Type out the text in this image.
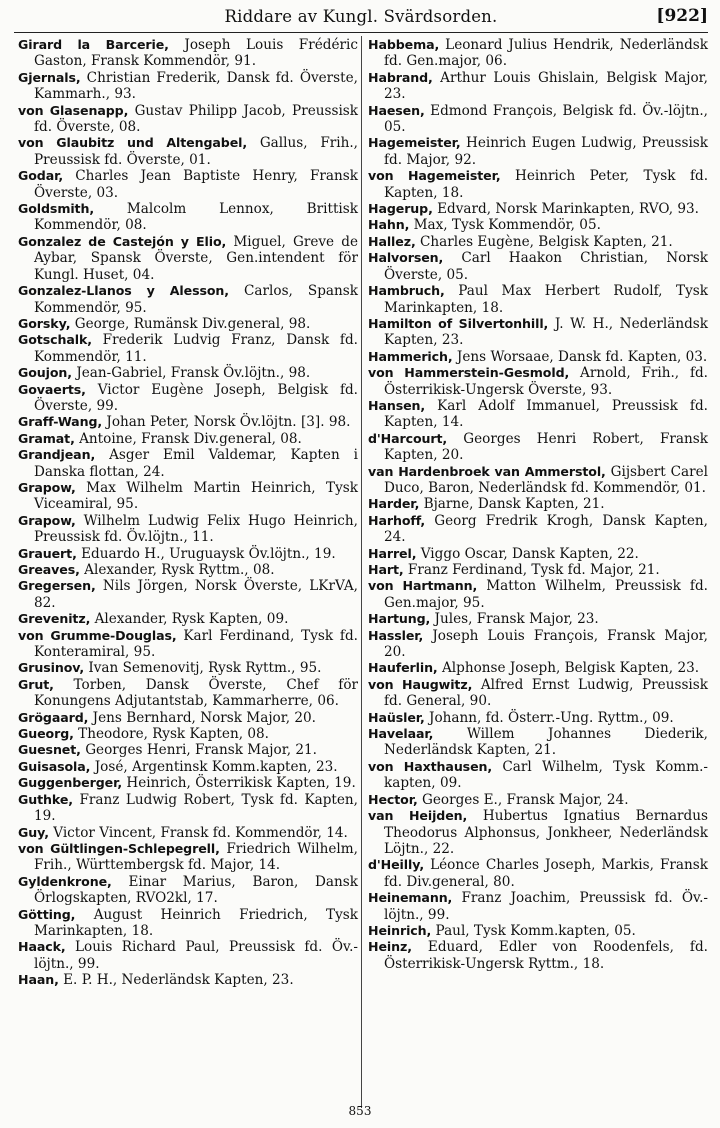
Riddare av Kungl. Svärdsorden.	[922]

Girard la Barcerie, Joseph Louis Frédéric Gaston, Fransk Kommendör, 91.

Gjernals, Christian Frederik, Dansk fd. Överste, Kammarh., 93.

von Glasenapp, Gustav Philipp Jacob, Preussisk fd. Överste, 08.

von Glaubitz und Altengabel, Gallus, Frih., Preussisk fd. Överste, 01.

Godar, Charles Jean Baptiste Henry, Fransk Överste, 03.

Goldsmith, Malcolm Lennox, Brittisk Kommendör, 08.

Gonzalez de Castejón y Elio, Miguel, Greve de Aybar, Spansk Överste, Gen.intendent för Kungl. Huset, 04.

Gonzalez-Llanos y Alesson, Carlos, Spansk Kommendör, 95.

Gorsky, George, Rumänsk Div.general, 98.

Gotschalk, Frederik Ludvig Franz, Dansk fd. Kommendör, 11.

Goujon, Jean-Gabriel, Fransk Öv.löjtn., 98.

Govaerts, Victor Eugène Joseph, Belgisk fd. Överste, 99.

Graff-Wang, Johan Peter, Norsk Öv.löjtn. [3]. 98.

Gramat, Antoine, Fransk Div.general, 08.

Grandjean, Asger Emil Valdemar, Kapten i Danska flottan, 24.

Grapow, Max Wilhelm Martin Heinrich, Tysk Viceamiral, 95.

Grapow, Wilhelm Ludwig Felix Hugo Heinrich, Preussisk fd. Öv.löjtn., 11.

Grauert, Eduardo H., Uruguaysk Öv.löjtn., 19.

Greaves, Alexander, Rysk Ryttm., 08.

Gregersen, Nils Jörgen, Norsk Överste, LKrVA, 82.

Grevenitz, Alexander, Rysk Kapten, 09.

von Grumme-Douglas, Karl Ferdinand, Tysk fd. Konteramiral, 95.

Grusinov, Ivan Semenovitj, Rysk Ryttm., 95.

Grut, Torben, Dansk Överste, Chef för Konungens Adjutantstab, Kammarherre, 06.

Grögaard, Jens Bernhard, Norsk Major, 20.

Gueorg, Theodore, Rysk Kapten, 08.

Guesnet, Georges Henri, Fransk Major, 21.

Guisasola, José, Argentinsk Komm.kapten, 23.

Guggenberger, Heinrich, Österrikisk Kapten, 19.

Guthke, Franz Ludwig Robert, Tysk fd. Kapten, 19.

Guy, Victor Vincent, Fransk fd. Kommendör, 14.

von Gültlingen-Schlepegrell, Friedrich Wilhelm, Frih., Württembergsk fd. Major, 14.

Gyldenkrone, Einar Marius, Baron, Dansk Örlogskapten, RVO2kl, 17.

Götting, August Heinrich Friedrich, Tysk Marinkapten, 18.

Haack, Louis Richard Paul, Preussisk fd. Öv.-löjtn., 99.

Haan, E. P. H., Nederländsk Kapten, 23.

Habbema, Leonard Julius Hendrik, Nederländsk fd. Gen.major, 06.

Habrand, Arthur Louis Ghislain, Belgisk Major, 23.

Haesen, Edmond François, Belgisk fd. Öv.-löjtn., 05.

Hagemeister, Heinrich Eugen Ludwig, Preussisk fd. Major, 92.

von Hagemeister, Heinrich Peter, Tysk fd. Kapten, 18.

Hagerup, Edvard, Norsk Marinkapten, RVO, 93.

Hahn, Max, Tysk Kommendör, 05.

Hallez, Charles Eugène, Belgisk Kapten, 21.

Halvorsen, Carl Haakon Christian, Norsk Överste, 05.

Hambruch, Paul Max Herbert Rudolf, Tysk Marinkapten, 18.

Hamilton of Silvertonhill, J. W. H., Nederländsk Kapten, 23.

Hammerich, Jens Worsaae, Dansk fd. Kapten, 03.

von Hammerstein-Gesmold, Arnold, Frih., fd. Österrikisk-Ungersk Överste, 93.

Hansen, Karl Adolf Immanuel, Preussisk fd. Kapten, 14.

d'Harcourt, Georges Henri Robert, Fransk Kapten, 20.

van Hardenbroek van Ammerstol, Gijsbert Carel Duco, Baron, Nederländsk fd. Kommendör, 01.

Harder, Bjarne, Dansk Kapten, 21.

Harhoff, Georg Fredrik Krogh, Dansk Kapten, 24.

Harrel, Viggo Oscar, Dansk Kapten, 22.

Hart, Franz Ferdinand, Tysk fd. Major, 21.

von Hartmann, Matton Wilhelm, Preussisk fd. Gen.major, 95.

Hartung, Jules, Fransk Major, 23.

Hassler, Joseph Louis François, Fransk Major, 20.

Hauferlin, Alphonse Joseph, Belgisk Kapten, 23.

von Haugwitz, Alfred Ernst Ludwig, Preussisk fd. General, 90.

Haüsler, Johann, fd. Österr.-Ung. Ryttm., 09.

Havelaar, Willem Johannes Diederik, Nederländsk Kapten, 21.

von Haxthausen, Carl Wilhelm, Tysk Komm.-kapten, 09.

Hector, Georges E., Fransk Major, 24.

van Heijden, Hubertus Ignatius Bernardus Theodorus Alphonsus, Jonkheer, Nederländsk Löjtn., 22.

d'Heilly, Léonce Charles Joseph, Markis, Fransk fd. Div.general, 80.

Heinemann, Franz Joachim, Preussisk fd. Öv.-löjtn., 99.

Heinrich, Paul, Tysk Komm.kapten, 05.

Heinz, Eduard, Edler von Roodenfels, fd. Österrikisk-Ungersk Ryttm., 18.

853
